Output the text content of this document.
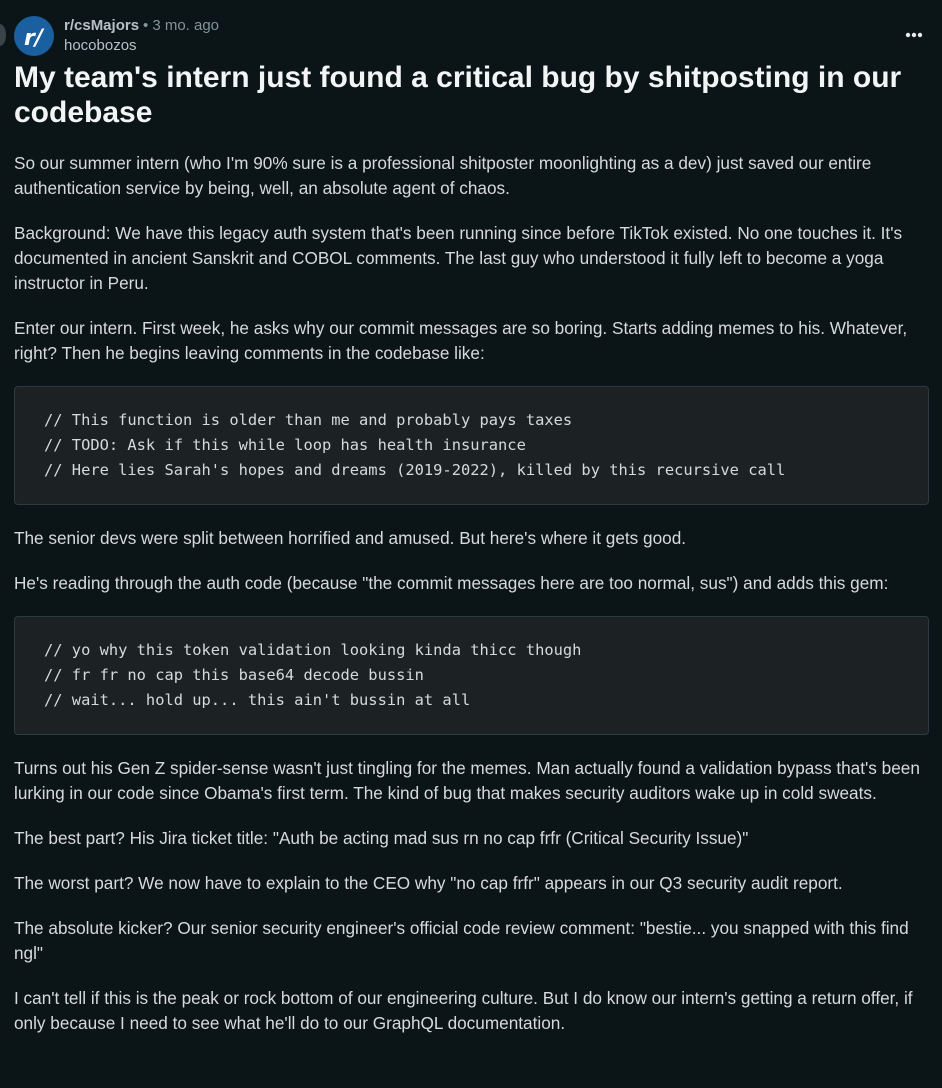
r/
r/csMajors • 3 mo. ago
hocobozos
My team's intern just found a critical bug by shitposting in our codebase

So our summer intern (who I'm 90% sure is a professional shitposter moonlighting as a dev) just saved our entire authentication service by being, well, an absolute agent of chaos.

Background: We have this legacy auth system that's been running since before TikTok existed. No one touches it. It's documented in ancient Sanskrit and COBOL comments. The last guy who understood it fully left to become a yoga instructor in Peru.

Enter our intern. First week, he asks why our commit messages are so boring. Starts adding memes to his. Whatever, right? Then he begins leaving comments in the codebase like:

// This function is older than me and probably pays taxes
// TODO: Ask if this while loop has health insurance
// Here lies Sarah's hopes and dreams (2019-2022), killed by this recursive call

The senior devs were split between horrified and amused. But here's where it gets good.

He's reading through the auth code (because "the commit messages here are too normal, sus") and adds this gem:

// yo why this token validation looking kinda thicc though
// fr fr no cap this base64 decode bussin
// wait... hold up... this ain't bussin at all

Turns out his Gen Z spider-sense wasn't just tingling for the memes. Man actually found a validation bypass that's been lurking in our code since Obama's first term. The kind of bug that makes security auditors wake up in cold sweats.

The best part? His Jira ticket title: "Auth be acting mad sus rn no cap frfr (Critical Security Issue)"

The worst part? We now have to explain to the CEO why "no cap frfr" appears in our Q3 security audit report.

The absolute kicker? Our senior security engineer's official code review comment: "bestie... you snapped with this find ngl"

I can't tell if this is the peak or rock bottom of our engineering culture. But I do know our intern's getting a return offer, if only because I need to see what he'll do to our GraphQL documentation.
